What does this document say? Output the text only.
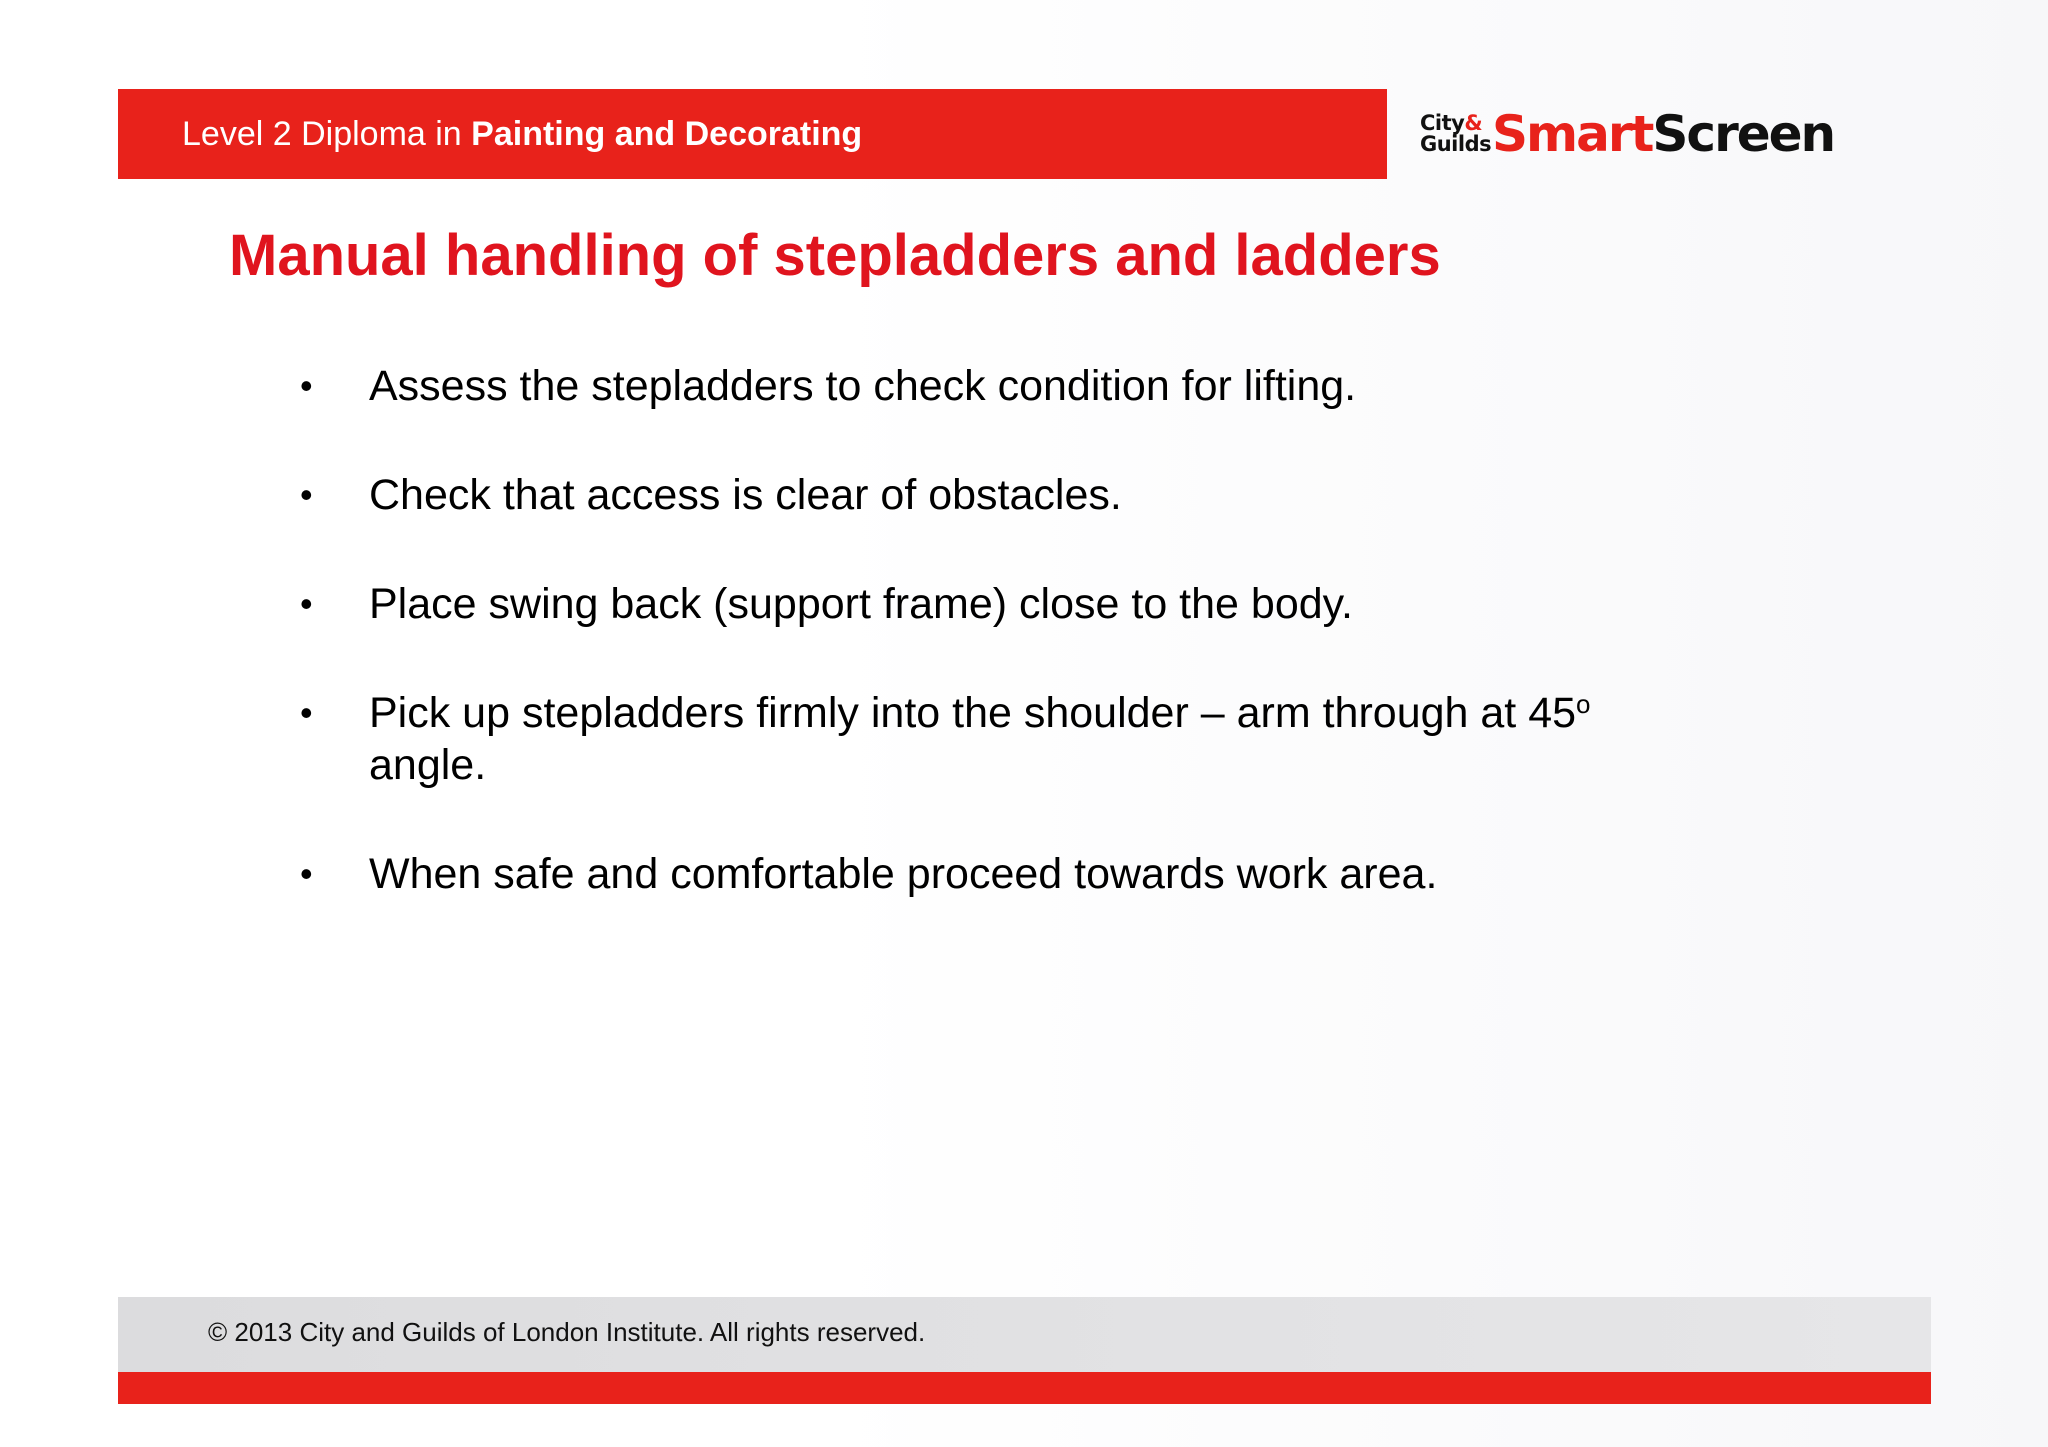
Level 2 Diploma in Painting and Decorating	City&
Guilds SmartScreen
Manual handling of stepladders and ladders
• Assess the stepladders to check condition for lifting.
• Check that access is clear of obstacles.
• Place swing back (support frame) close to the body.
• Pick up stepladders firmly into the shoulder – arm through at 45$^o$ angle.
• When safe and comfortable proceed towards work area.
© 2013 City and Guilds of London Institute. All rights reserved.
